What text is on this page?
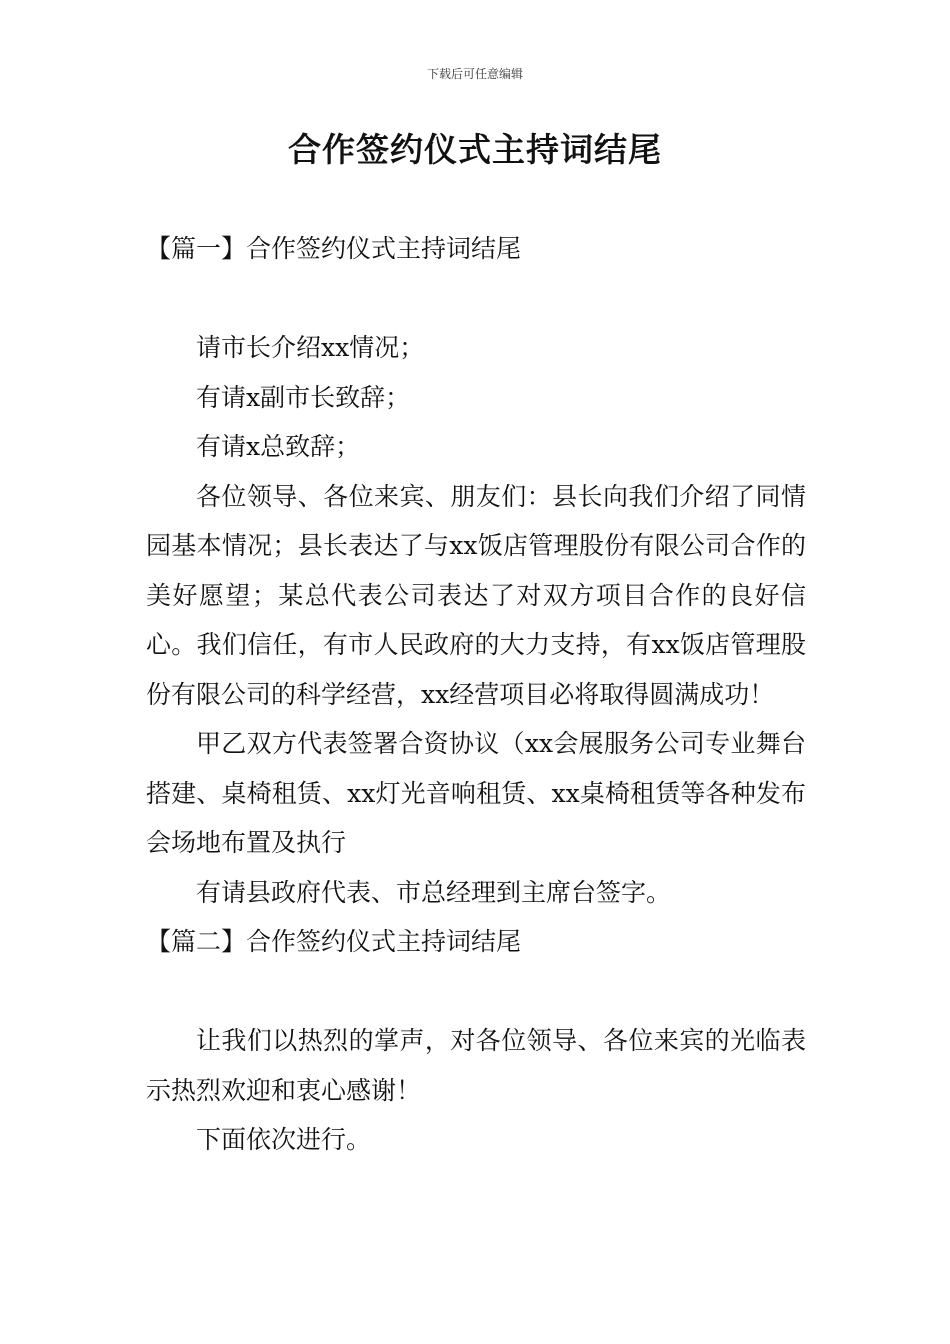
下载后可任意编辑
合作签约仪式主持词结尾
【篇一】合作签约仪式主持词结尾

请市长介绍xx情况；

有请x副市长致辞；

有请x总致辞；

各位领导、各位来宾、朋友们：县长向我们介绍了同情园基本情况；县长表达了与xx饭店管理股份有限公司合作的美好愿望；某总代表公司表达了对双方项目合作的良好信心。我们信任，有市人民政府的大力支持，有xx饭店管理股份有限公司的科学经营，xx经营项目必将取得圆满成功！

甲乙双方代表签署合资协议（xx会展服务公司专业舞台搭建、桌椅租赁、xx灯光音响租赁、xx桌椅租赁等各种发布会场地布置及执行

有请县政府代表、市总经理到主席台签字。

【篇二】合作签约仪式主持词结尾

让我们以热烈的掌声，对各位领导、各位来宾的光临表示热烈欢迎和衷心感谢！

下面依次进行。
